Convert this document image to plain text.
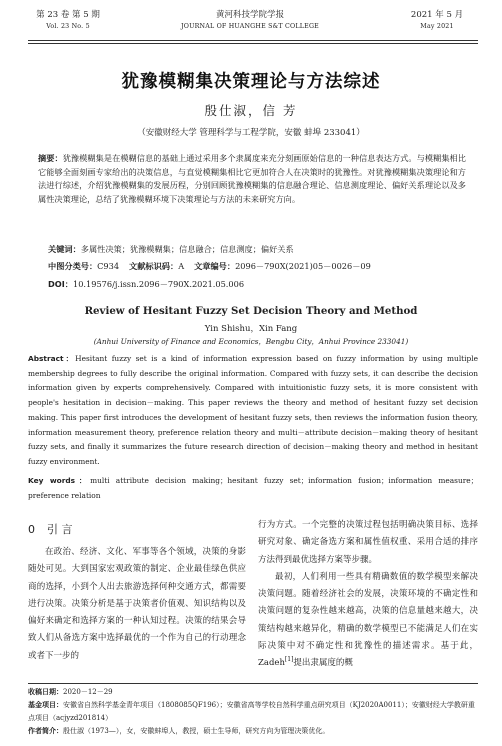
第 23 卷 第 5 期
Vol. 23 No. 5
黄河科技学院学报
JOURNAL OF HUANGHE S&T COLLEGE
2021 年 5 月
May 2021
犹豫模糊集决策理论与方法综述
殷仕淑，信 芳
（安徽财经大学 管理科学与工程学院，安徽 蚌埠 233041）
摘要：犹豫模糊集是在模糊信息的基础上通过采用多个隶属度来充分刻画原始信息的一种信息表达方式。与模糊集相比它能够全面刻画专家给出的决策信息，与直觉模糊集相比它更加符合人在决策时的犹豫性。对犹豫模糊集决策理论和方法进行综述，介绍犹豫模糊集的发展历程，分别回顾犹豫模糊集的信息融合理论、信息测度理论、偏好关系理论以及多属性决策理论，总结了犹豫模糊环境下决策理论与方法的未来研究方向。
关键词：多属性决策；犹豫模糊集；信息融合；信息测度；偏好关系
中图分类号：C934 文献标识码：A 文章编号：2096－790X(2021)05－0026－09
DOI：10.19576/j.issn.2096－790X.2021.05.006
Review of Hesitant Fuzzy Set Decision Theory and Method
Yin Shishu，Xin Fang
(Anhui University of Finance and Economics，Bengbu City，Anhui Province 233041)
Abstract：Hesitant fuzzy set is a kind of information expression based on fuzzy information by using multiple membership degrees to fully describe the original information. Compared with fuzzy sets, it can describe the decision information given by experts comprehensively. Compared with intuitionistic fuzzy sets, it is more consistent with people's hesitation in decision－making. This paper reviews the theory and method of hesitant fuzzy set decision making. This paper first introduces the development of hesitant fuzzy sets, then reviews the information fusion theory, information measurement theory, preference relation theory and multi－attribute decision－making theory of hesitant fuzzy sets, and finally it summarizes the future research direction of decision－making theory and method in hesitant fuzzy environment.
Key words：multi attribute decision making；hesitant fuzzy set；information fusion；information measure；preference relation
0 引 言
在政治、经济、文化、军事等各个领域，决策的身影随处可见。大到国家宏观政策的制定、企业最佳绿色供应商的选择，小到个人出去旅游选择何种交通方式，都需要进行决策。决策分析是基于决策者价值观、知识结构以及偏好来确定和选择方案的一种认知过程。决策的结果会导致人们从备选方案中选择最优的一个作为自己的行动理念或者下一步的
行为方式。一个完整的决策过程包括明确决策目标、选择研究对象、确定备选方案和属性值权重、采用合适的排序方法得到最优选择方案等步骤。
最初，人们利用一些具有精确数值的数学模型来解决决策问题。随着经济社会的发展，决策环境的不确定性和决策问题的复杂性越来越高，决策的信息量越来越大，决策结构越来越异化，精确的数学模型已不能满足人们在实际决策中对不确定性和犹豫性的描述需求。基于此，Zadeh[1]提出隶属度的概
收稿日期：2020－12－29
基金项目：安徽省自然科学基金青年项目（1808085QF196）；安徽省高等学校自然科学重点研究项目（KJ2020A0011）；安徽财经大学教研重点项目（acjyzd201814）
作者简介：殷仕淑（1973—），女，安徽蚌埠人，教授，硕士生导师，研究方向为管理决策优化。
